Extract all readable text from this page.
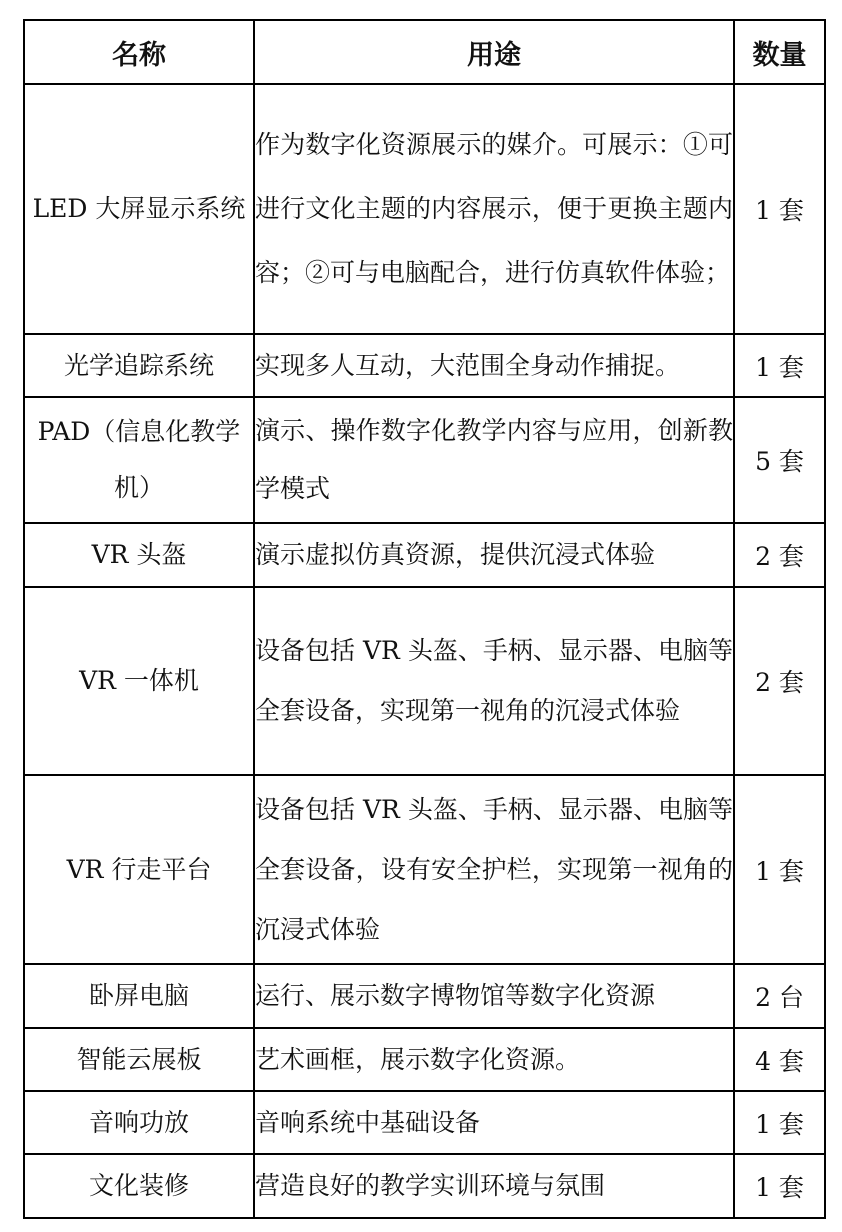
名称	用途	数量
LED 大屏显示系统	作为数字化资源展示的媒介。可展示：①可进行文化主题的内容展示，便于更换主题内容；②可与电脑配合，进行仿真软件体验；	1 套
光学追踪系统	实现多人互动，大范围全身动作捕捉。	1 套
PAD（信息化教学机）	演示、操作数字化教学内容与应用，创新教学模式	5 套
VR 头盔	演示虚拟仿真资源，提供沉浸式体验	2 套
VR 一体机	设备包括 VR 头盔、手柄、显示器、电脑等全套设备，实现第一视角的沉浸式体验	2 套
VR 行走平台	设备包括 VR 头盔、手柄、显示器、电脑等全套设备，设有安全护栏，实现第一视角的沉浸式体验	1 套
卧屏电脑	运行、展示数字博物馆等数字化资源	2 台
智能云展板	艺术画框，展示数字化资源。	4 套
音响功放	音响系统中基础设备	1 套
文化装修	营造良好的教学实训环境与氛围	1 套
